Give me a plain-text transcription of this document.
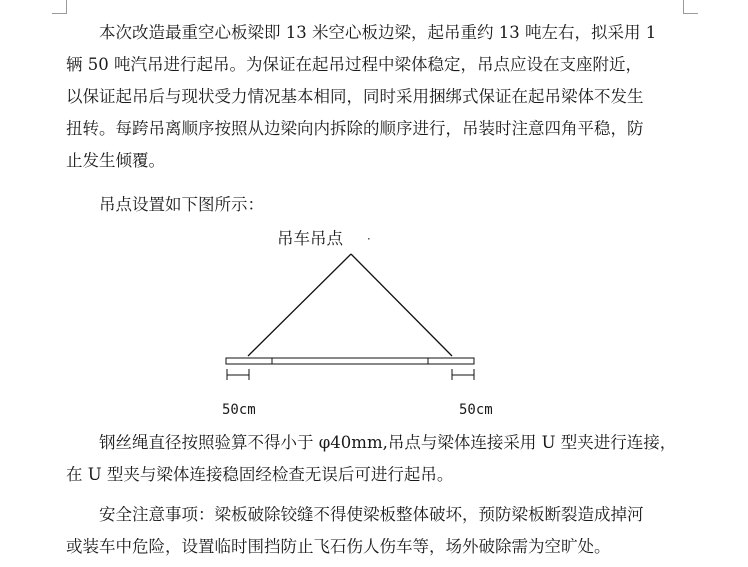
本次改造最重空心板梁即 13 米空心板边梁，起吊重约 13 吨左右，拟采用 1
辆 50 吨汽吊进行起吊。为保证在起吊过程中梁体稳定，吊点应设在支座附近，
以保证起吊后与现状受力情况基本相同，同时采用捆绑式保证在起吊梁体不发生
扭转。每跨吊离顺序按照从边梁向内拆除的顺序进行，吊装时注意四角平稳，防
止发生倾覆。
吊点设置如下图所示：
吊车吊点
50cm	50cm
钢丝绳直径按照验算不得小于 φ40mm,吊点与梁体连接采用 U 型夹进行连接，
在 U 型夹与梁体连接稳固经检查无误后可进行起吊。
安全注意事项：梁板破除铰缝不得使梁板整体破坏，预防梁板断裂造成掉河
或装车中危险，设置临时围挡防止飞石伤人伤车等，场外破除需为空旷处。
